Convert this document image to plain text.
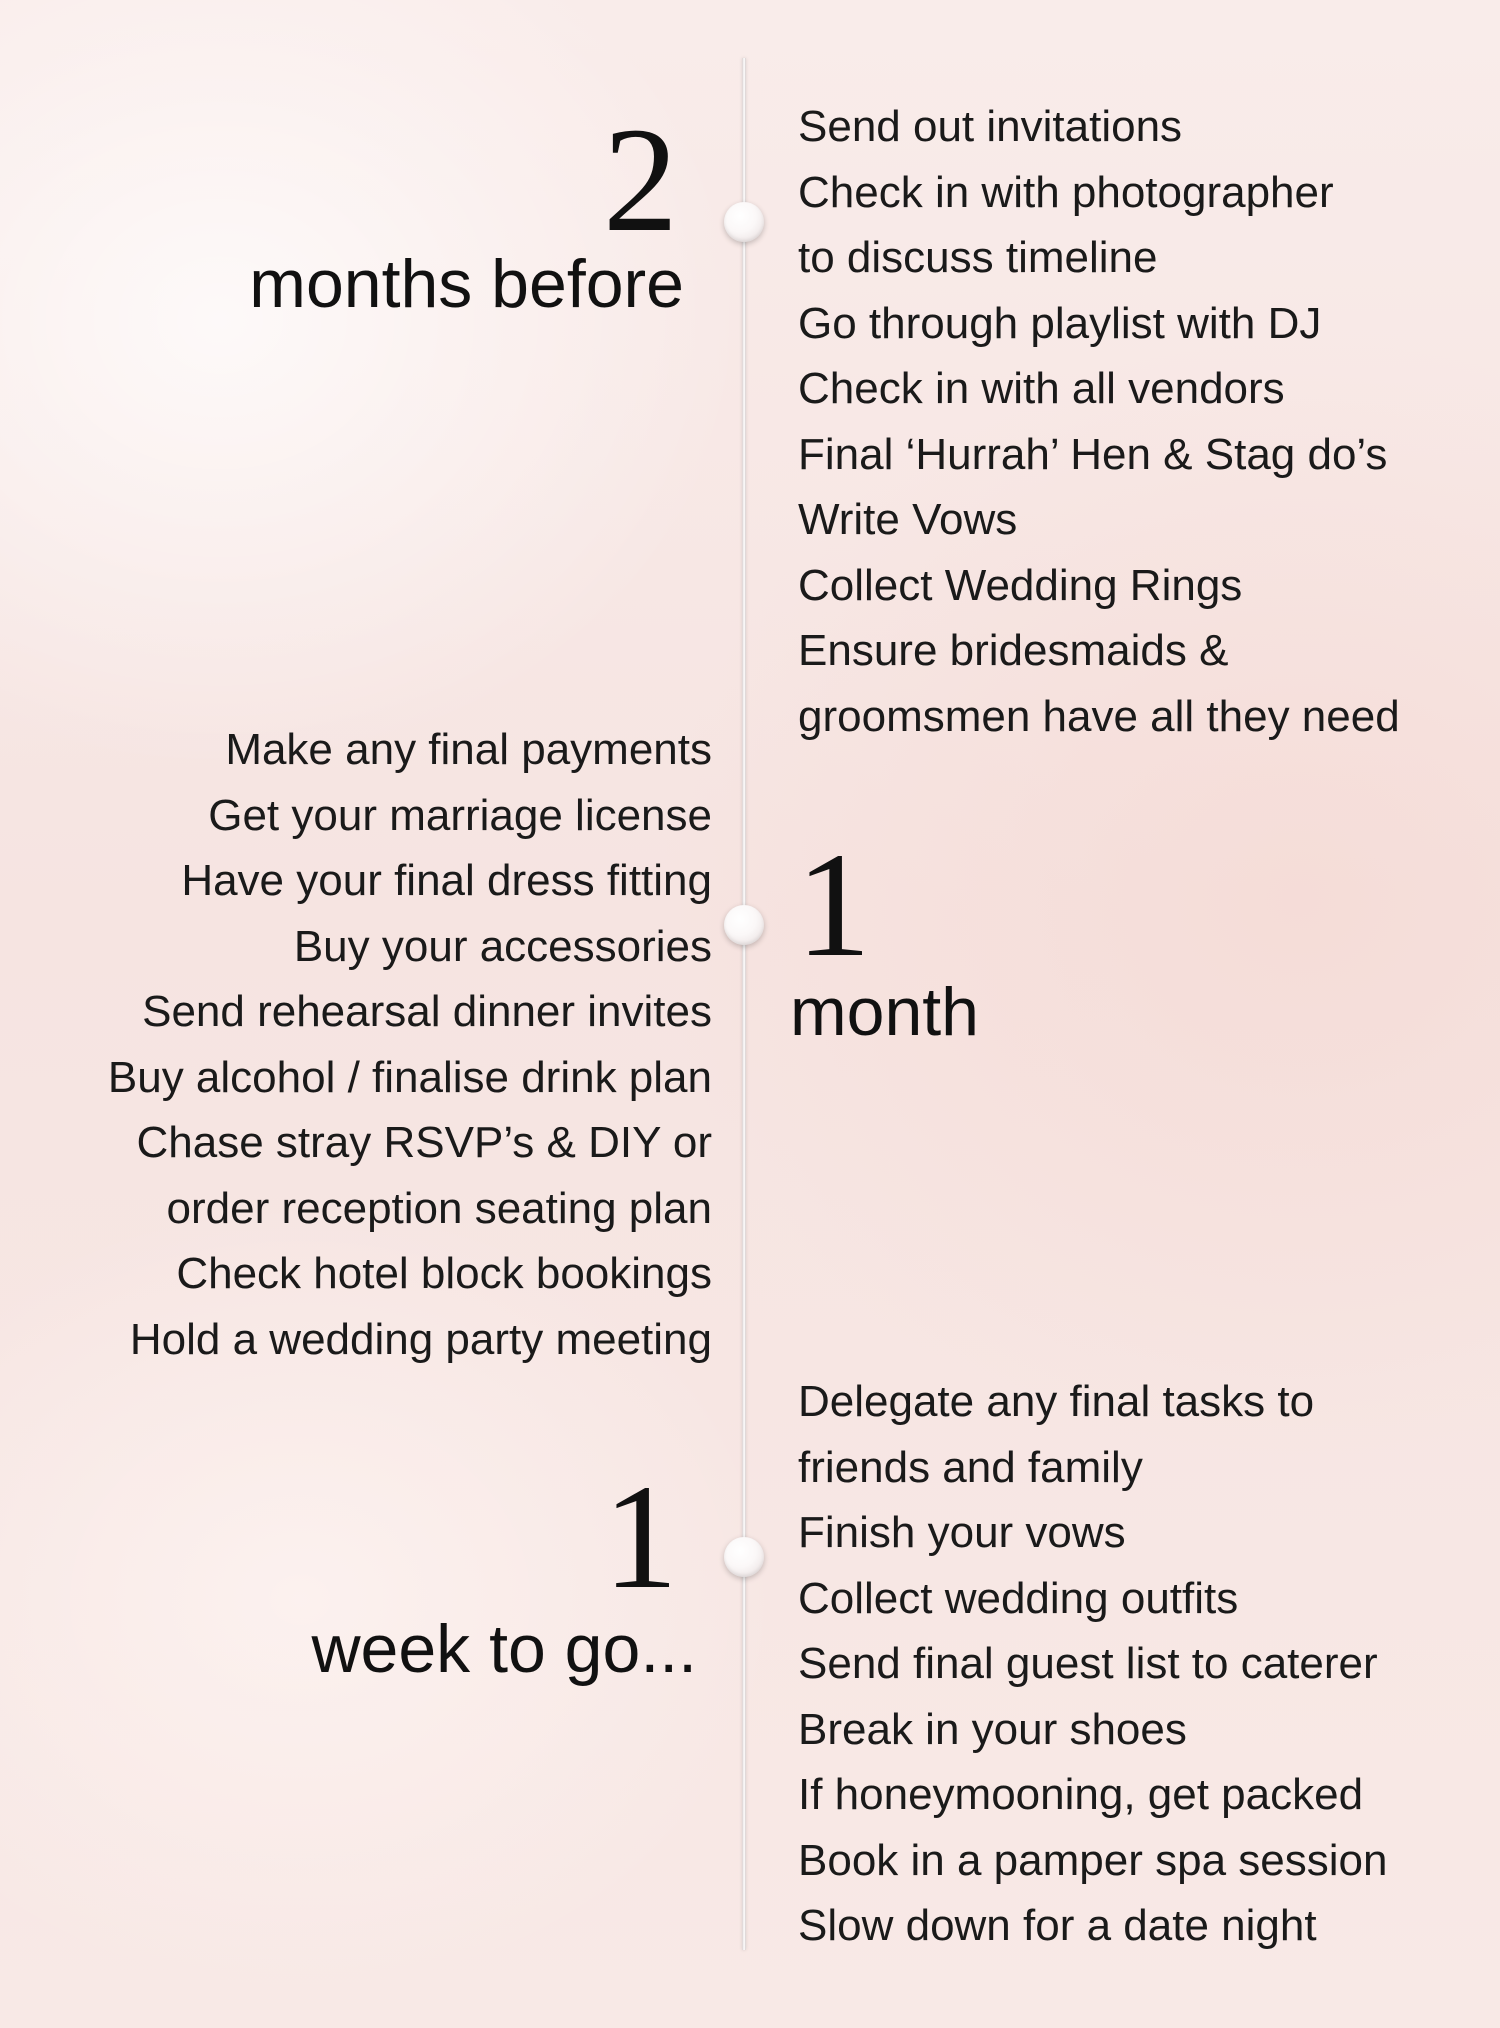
2
months before
Send out invitations
Check in with photographer
to discuss timeline
Go through playlist with DJ
Check in with all vendors
Final ‘Hurrah’ Hen & Stag do’s
Write Vows
Collect Wedding Rings
Ensure bridesmaids &
groomsmen have all they need
Make any final payments
Get your marriage license
Have your final dress fitting
Buy your accessories
Send rehearsal dinner invites
Buy alcohol / finalise drink plan
Chase stray RSVP’s & DIY or
order reception seating plan
Check hotel block bookings
Hold a wedding party meeting
1
month
1
week to go...
Delegate any final tasks to
friends and family
Finish your vows
Collect wedding outfits
Send final guest list to caterer
Break in your shoes
If honeymooning, get packed
Book in a pamper spa session
Slow down for a date night
